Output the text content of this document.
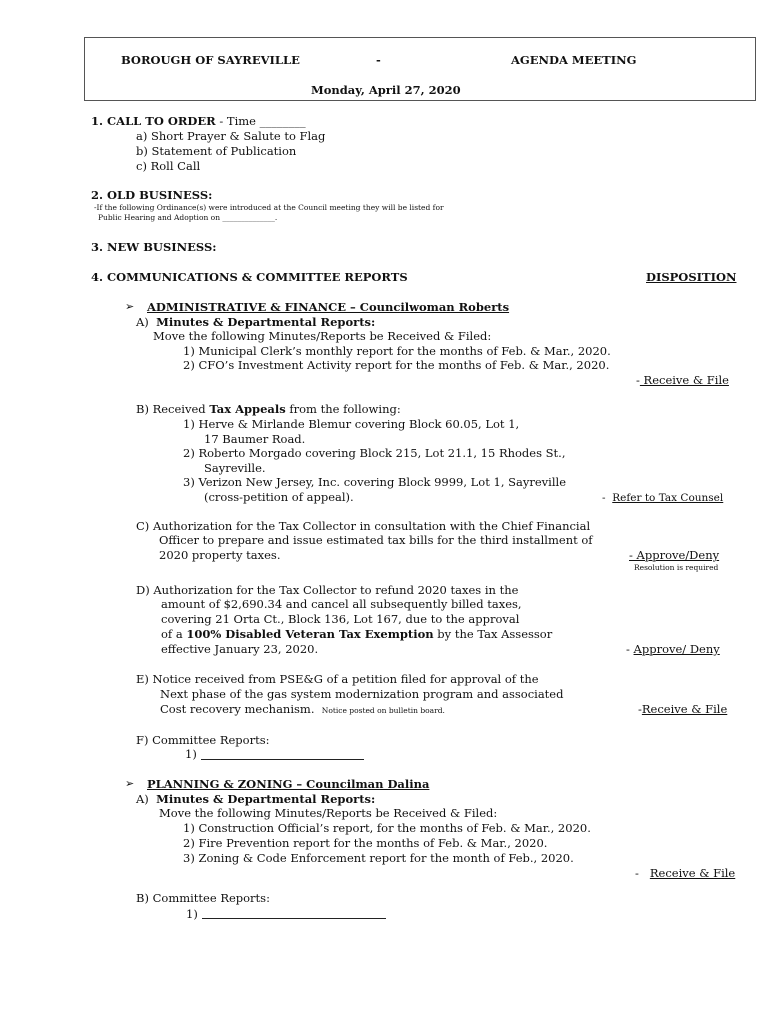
BOROUGH OF SAYREVILLE	-	AGENDA MEETING
Monday, April 27, 2020
1. CALL TO ORDER - Time ________
a) Short Prayer & Salute to Flag
b) Statement of Publication
c) Roll Call
2. OLD BUSINESS:
-If the following Ordinance(s) were introduced at the Council meeting they will be listed for
Public Hearing and Adoption on ______________.
3. NEW BUSINESS:
4. COMMUNICATIONS & COMMITTEE REPORTS	DISPOSITION
➢ ADMINISTRATIVE & FINANCE – Councilwoman Roberts
A) Minutes & Departmental Reports:
Move the following Minutes/Reports be Received & Filed:
1) Municipal Clerk’s monthly report for the months of Feb. & Mar., 2020.
2) CFO’s Investment Activity report for the months of Feb. & Mar., 2020.
- Receive & File
B) Received Tax Appeals from the following:
1) Herve & Mirlande Blemur covering Block 60.05, Lot 1,
17 Baumer Road.
2) Roberto Morgado covering Block 215, Lot 21.1, 15 Rhodes St.,
Sayreville.
3) Verizon New Jersey, Inc. covering Block 9999, Lot 1, Sayreville
(cross-petition of appeal).	- Refer to Tax Counsel
C) Authorization for the Tax Collector in consultation with the Chief Financial
Officer to prepare and issue estimated tax bills for the third installment of
2020 property taxes.	- Approve/Deny
Resolution is required
D) Authorization for the Tax Collector to refund 2020 taxes in the
amount of $2,690.34 and cancel all subsequently billed taxes,
covering 21 Orta Ct., Block 136, Lot 167, due to the approval
of a 100% Disabled Veteran Tax Exemption by the Tax Assessor
effective January 23, 2020.	- Approve/ Deny
E) Notice received from PSE&G of a petition filed for approval of the
Next phase of the gas system modernization program and associated
Cost recovery mechanism. Notice posted on bulletin board.	-Receive & File
F) Committee Reports:
1)
➢ PLANNING & ZONING – Councilman Dalina
A) Minutes & Departmental Reports:
Move the following Minutes/Reports be Received & Filed:
1) Construction Official’s report, for the months of Feb. & Mar., 2020.
2) Fire Prevention report for the months of Feb. & Mar., 2020.
3) Zoning & Code Enforcement report for the month of Feb., 2020.
- Receive & File
B) Committee Reports:
1)
